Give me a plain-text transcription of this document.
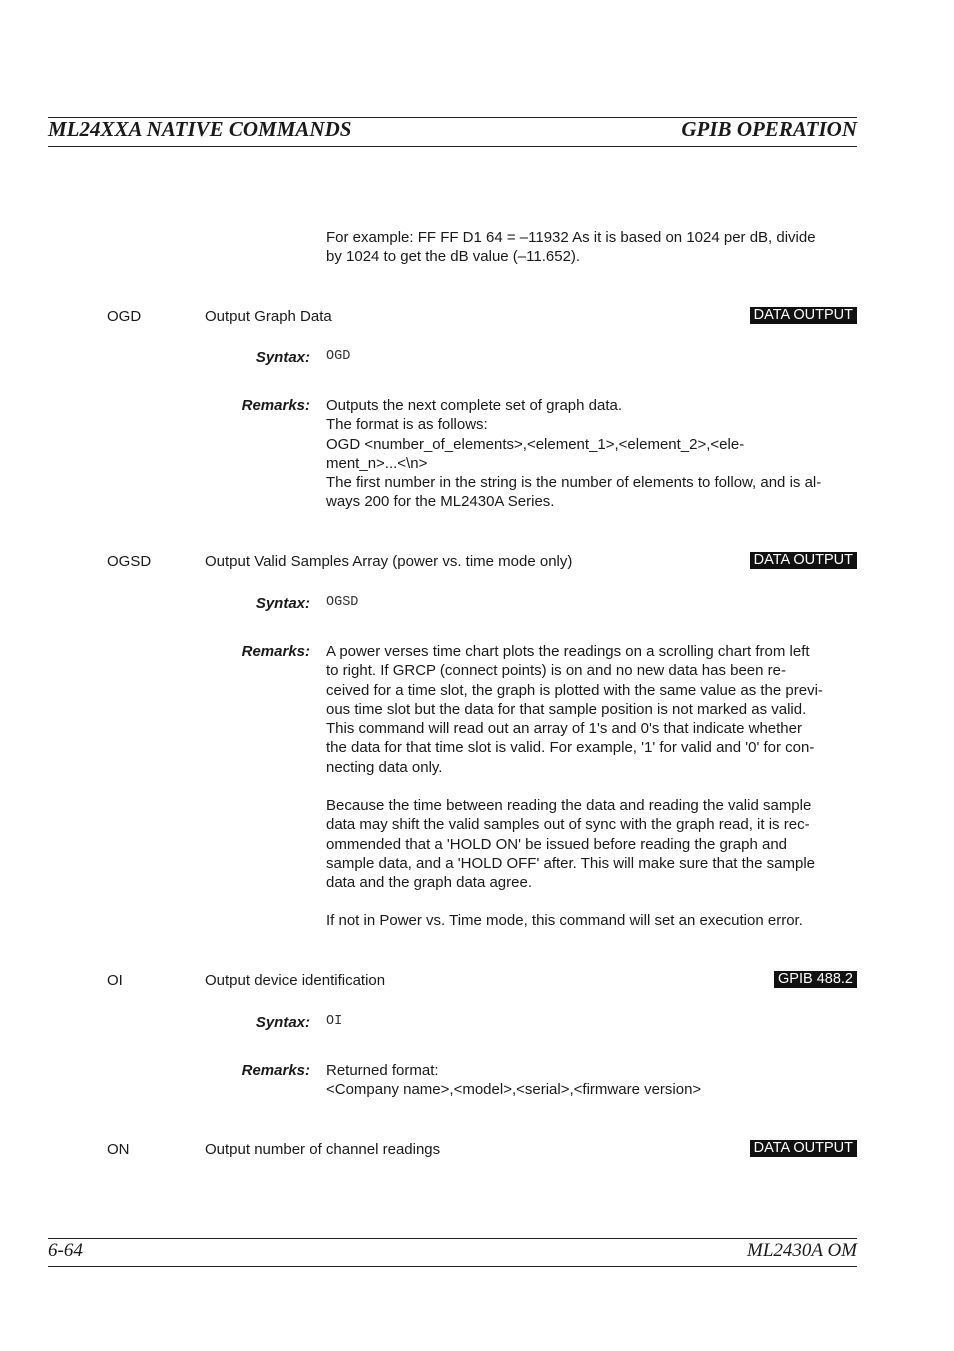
ML24XXA NATIVE COMMANDS	GPIB OPERATION

For example: FF FF D1 64 = –11932 As it is based on 1024 per dB, divide

by 1024 to get the dB value (–11.652).

OGD	Output Graph Data	DATA OUTPUT
Syntax: OGD
Remarks: Outputs the next complete set of graph data.

The format is as follows:

OGD <number_of_elements>,<element_1>,<element_2>,<ele-

ment_n>...<\n>

The first number in the string is the number of elements to follow, and is al-

ways 200 for the ML2430A Series.

OGSD	Output Valid Samples Array (power vs. time mode only)	DATA OUTPUT
Syntax: OGSD
Remarks: A power verses time chart plots the readings on a scrolling chart from left

to right. If GRCP (connect points) is on and no new data has been re-

ceived for a time slot, the graph is plotted with the same value as the previ-

ous time slot but the data for that sample position is not marked as valid.

This command will read out an array of 1's and 0's that indicate whether

the data for that time slot is valid. For example, '1' for valid and '0' for con-

necting data only.

Because the time between reading the data and reading the valid sample

data may shift the valid samples out of sync with the graph read, it is rec-

ommended that a 'HOLD ON' be issued before reading the graph and

sample data, and a 'HOLD OFF' after. This will make sure that the sample

data and the graph data agree.

If not in Power vs. Time mode, this command will set an execution error.
OI	Output device identification	GPIB 488.2
Syntax: OI
Remarks: Returned format:

<Company name>,<model>,<serial>,<firmware version>

ON	Output number of channel readings	DATA OUTPUT
6-64	ML2430A OM
